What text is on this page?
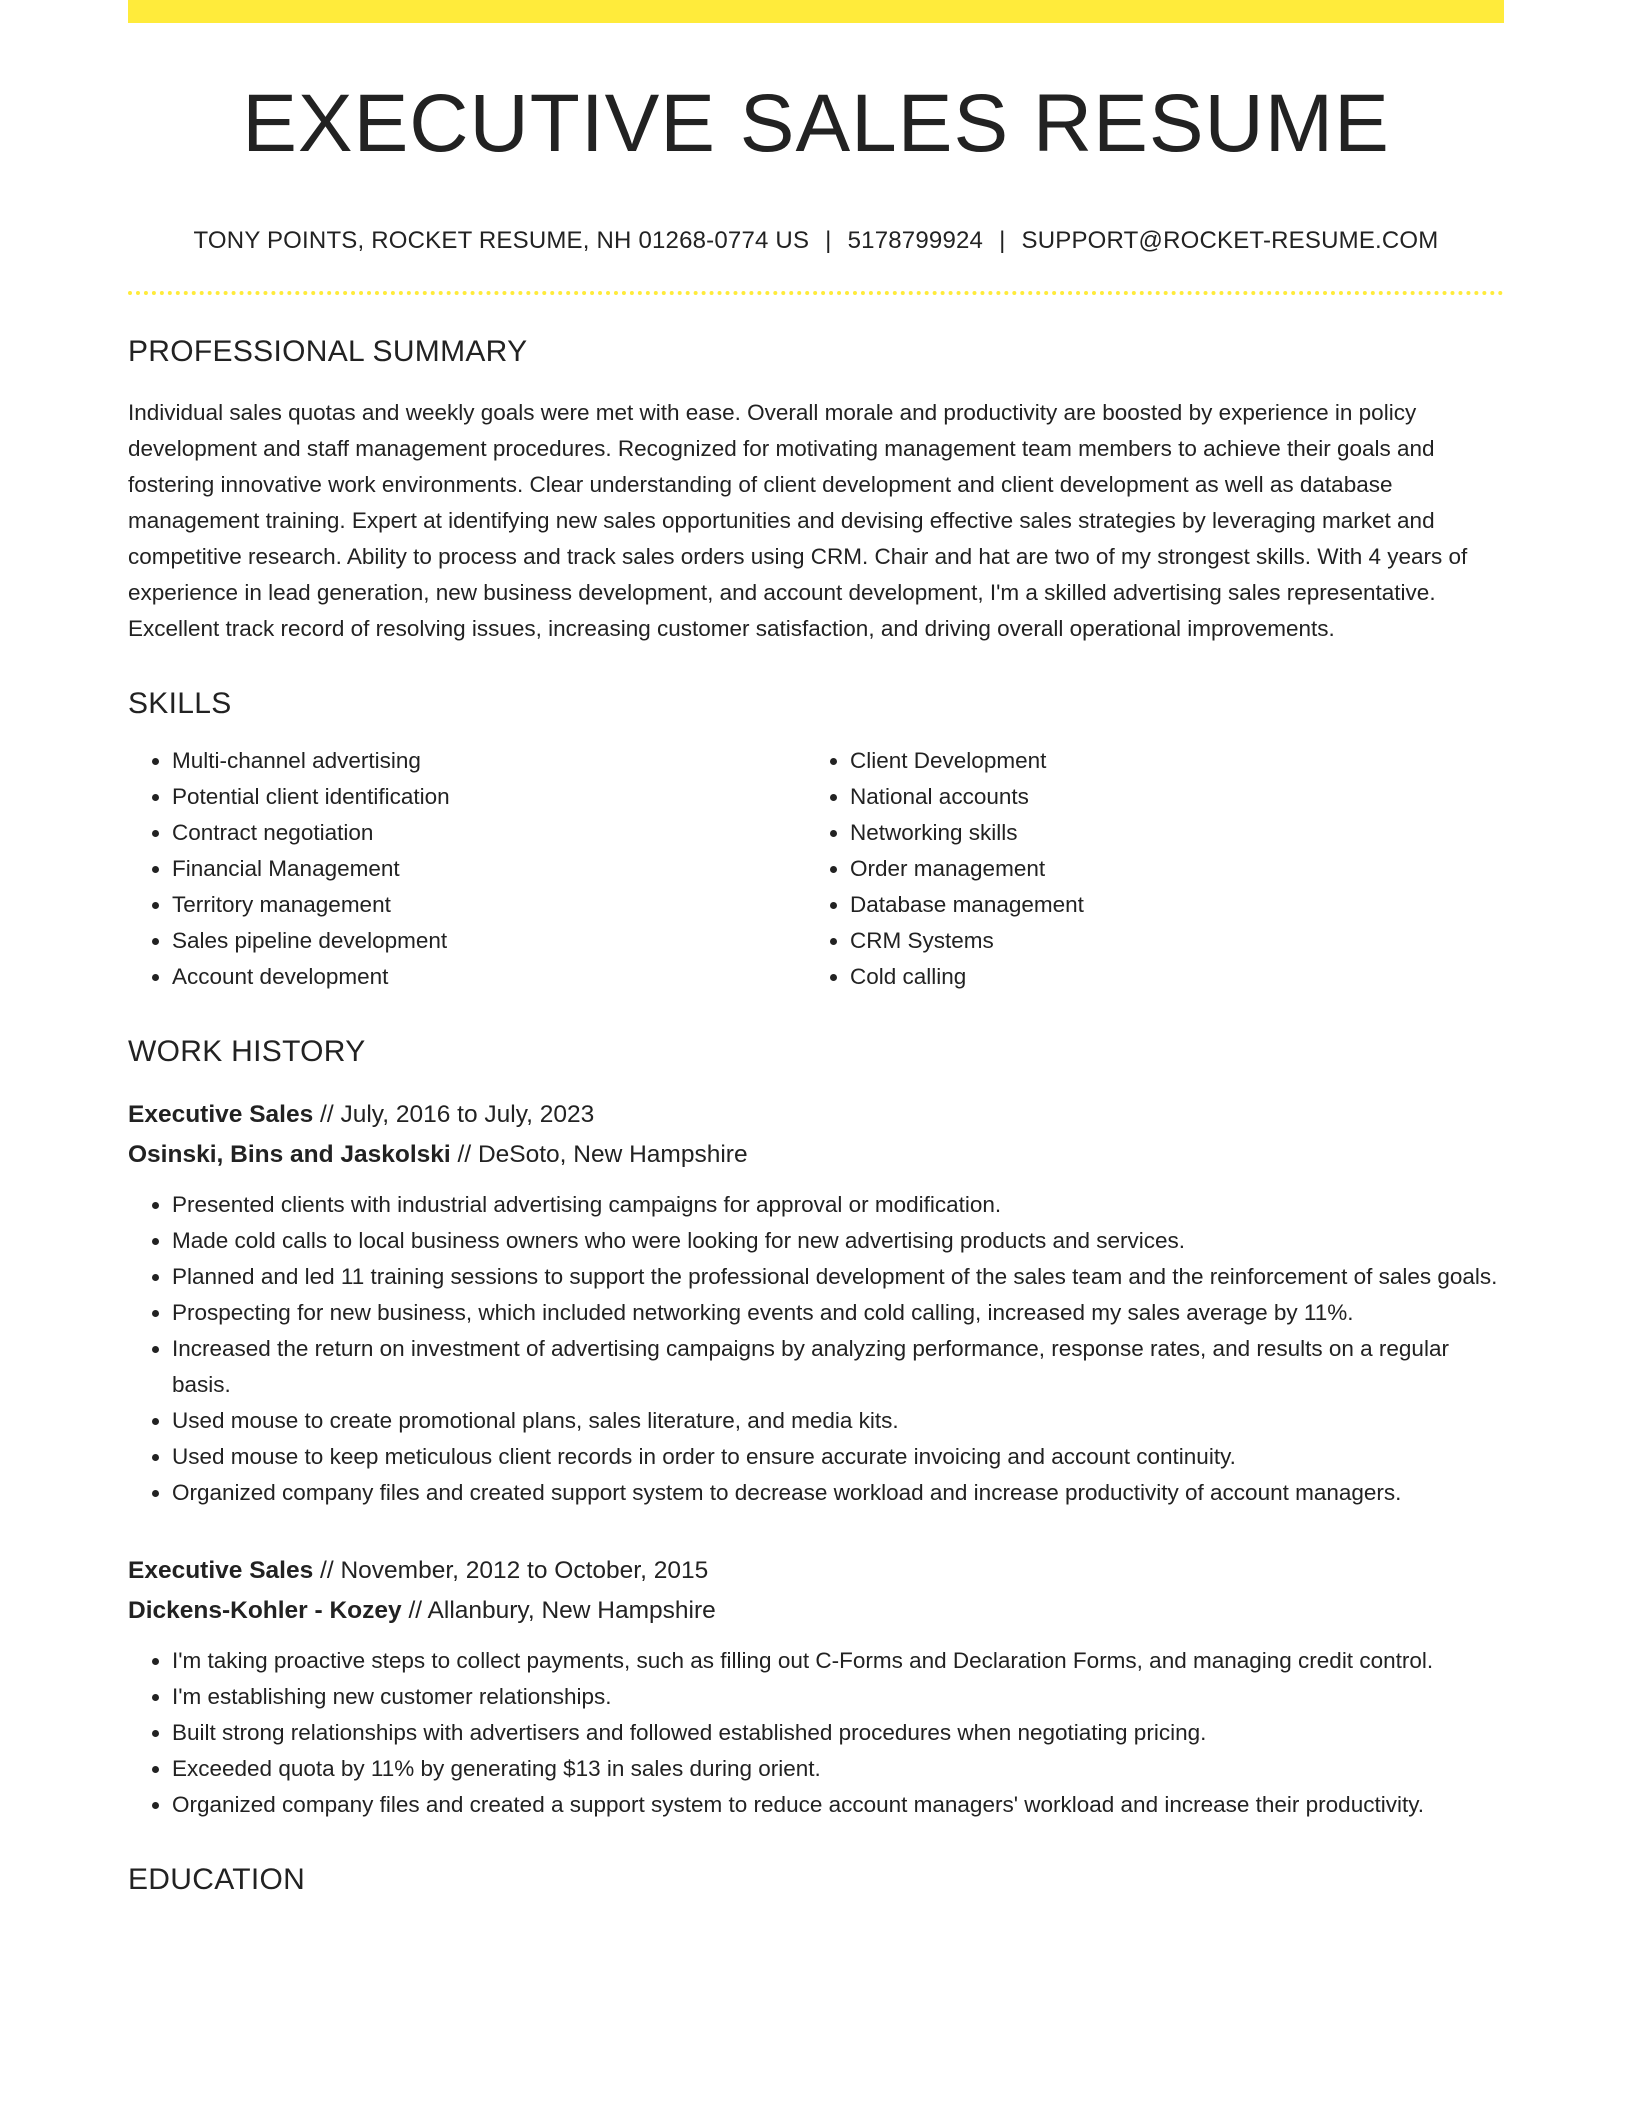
EXECUTIVE SALES RESUME
TONY POINTS, ROCKET RESUME, NH 01268-0774 US | 5178799924 | SUPPORT@ROCKET-RESUME.COM
PROFESSIONAL SUMMARY
Individual sales quotas and weekly goals were met with ease. Overall morale and productivity are boosted by experience in policy development and staff management procedures. Recognized for motivating management team members to achieve their goals and fostering innovative work environments. Clear understanding of client development and client development as well as database management training. Expert at identifying new sales opportunities and devising effective sales strategies by leveraging market and competitive research. Ability to process and track sales orders using CRM. Chair and hat are two of my strongest skills. With 4 years of experience in lead generation, new business development, and account development, I'm a skilled advertising sales representative. Excellent track record of resolving issues, increasing customer satisfaction, and driving overall operational improvements.
SKILLS
• Multi-channel advertising
• Potential client identification
• Contract negotiation
• Financial Management
• Territory management
• Sales pipeline development
• Account development
• Client Development
• National accounts
• Networking skills
• Order management
• Database management
• CRM Systems
• Cold calling
WORK HISTORY
Executive Sales // July, 2016 to July, 2023
Osinski, Bins and Jaskolski // DeSoto, New Hampshire
• Presented clients with industrial advertising campaigns for approval or modification.
• Made cold calls to local business owners who were looking for new advertising products and services.
• Planned and led 11 training sessions to support the professional development of the sales team and the reinforcement of sales goals.
• Prospecting for new business, which included networking events and cold calling, increased my sales average by 11%.
• Increased the return on investment of advertising campaigns by analyzing performance, response rates, and results on a regular basis.
• Used mouse to create promotional plans, sales literature, and media kits.
• Used mouse to keep meticulous client records in order to ensure accurate invoicing and account continuity.
• Organized company files and created support system to decrease workload and increase productivity of account managers.
Executive Sales // November, 2012 to October, 2015
Dickens-Kohler - Kozey // Allanbury, New Hampshire
• I'm taking proactive steps to collect payments, such as filling out C-Forms and Declaration Forms, and managing credit control.
• I'm establishing new customer relationships.
• Built strong relationships with advertisers and followed established procedures when negotiating pricing.
• Exceeded quota by 11% by generating $13 in sales during orient.
• Organized company files and created a support system to reduce account managers' workload and increase their productivity.
EDUCATION
